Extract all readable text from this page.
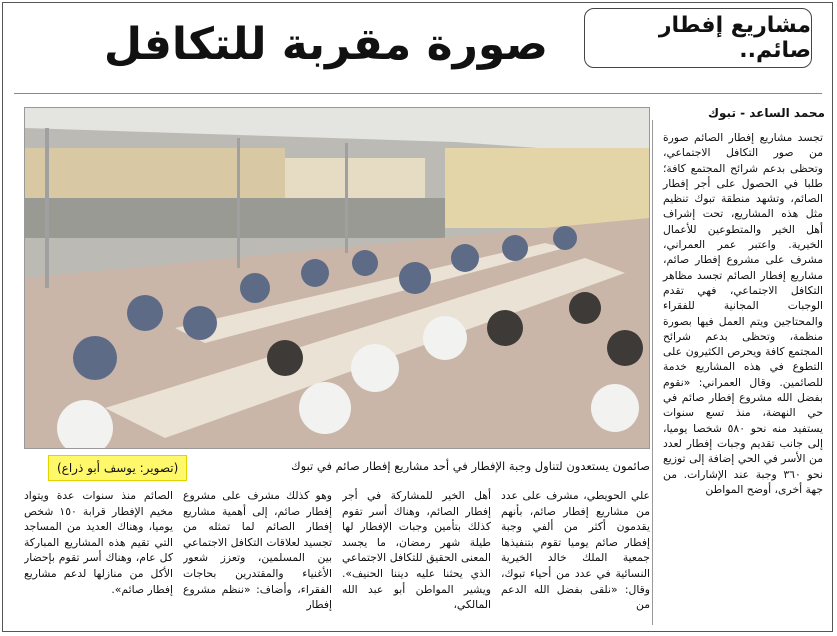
مشاريع إفطار صائم..
صورة مقربة للتكافل
محمد الساعد - تبوك
صائمون يستعدون لتناول وجبة الإفطار في أحد مشاريع إفطار صائم في تبوك
(تصوير: يوسف أبو ذراع)
تجسد مشاريع إفطار الصائم صورة من صور التكافل الاجتماعي، وتحظى بدعم شرائح المجتمع كافة؛ طلبا في الحصول على أجر إفطار الصائم، وتشهد منطقة تبوك تنظيم مثل هذه المشاريع، تحت إشراف أهل الخير والمتطوعين للأعمال الخيرية. واعتبر عمر العمراني، مشرف على مشروع إفطار صائم، مشاريع إفطار الصائم تجسد مظاهر التكافل الاجتماعي، فهي تقدم الوجبات المجانية للفقراء والمحتاجين ويتم العمل فيها بصورة منظمة، وتحظى بدعم شرائح المجتمع كافة ويحرص الكثيرون على التطوع في هذه المشاريع خدمة للصائمين. وقال العمراني: «نقوم بفضل الله مشروع إفطار صائم في حي النهضة، منذ تسع سنوات يستفيد منه نحو ٥٨٠ شخصا يوميا، إلى جانب تقديم وجبات إفطار لعدد من الأسر في الحي إضافة إلى توزيع نحو ٣٦٠ وجبة عند الإشارات. من جهة أخرى، أوضح المواطن
علي الحويطي، مشرف على عدد من مشاريع إفطار صائم، بأنهم يقدمون أكثر من ألفي وجبة إفطار صائم يوميا تقوم بتنفيذها جمعية الملك خالد الخيرية النسائية في عدد من أحياء تبوك، وقال: «نلقى بفضل الله الدعم من
أهل الخير للمشاركة في أجر إفطار الصائم، وهناك أسر تقوم كذلك بتأمين وجبات الإفطار لها طيلة شهر رمضان، ما يجسد المعنى الحقيق للتكافل الاجتماعي الذي يحثنا عليه ديننا الحنيف». ويشير المواطن أبو عبد الله المالكي،
وهو كذلك مشرف على مشروع إفطار صائم، إلى أهمية مشاريع إفطار الصائم لما تمثله من تجسيد لعلاقات التكافل الاجتماعي بين المسلمين، وتعزز شعور الأغنياء والمقتدرين بحاجات الفقراء، وأضاف: «ننظم مشروع إفطار
الصائم منذ سنوات عدة ويتواد مخيم الإفطار قرابة ١٥٠ شخص يوميا، وهناك العديد من المساجد التي تقيم هذه المشاريع المباركة كل عام، وهناك أسر تقوم بإحضار الأكل من منازلها لدعم مشاريع إفطار صائم».
